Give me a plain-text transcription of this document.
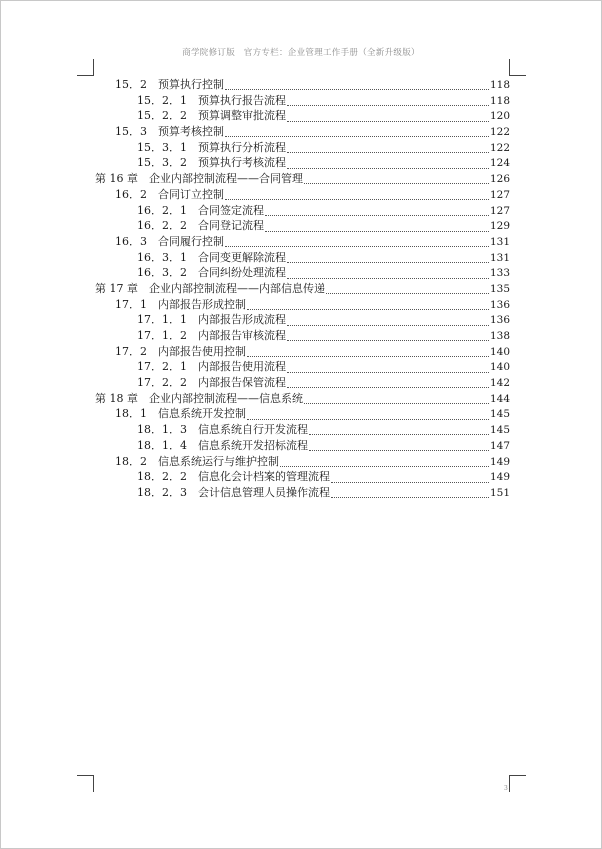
商学院修订版　官方专栏：企业管理工作手册（全新升级版）
15．2　预算执行控制	118
15．2．1　预算执行报告流程	118
15．2．2　预算调整审批流程	120
15．3　预算考核控制	122
15．3．1　预算执行分析流程	122
15．3．2　预算执行考核流程	124
第 16 章　企业内部控制流程——合同管理	126
16．2　合同订立控制	127
16．2．1　合同签定流程	127
16．2．2　合同登记流程	129
16．3　合同履行控制	131
16．3．1　合同变更解除流程	131
16．3．2　合同纠纷处理流程	133
第 17 章　企业内部控制流程——内部信息传递	135
17．1　内部报告形成控制	136
17．1．1　内部报告形成流程	136
17．1．2　内部报告审核流程	138
17．2　内部报告使用控制	140
17．2．1　内部报告使用流程	140
17．2．2　内部报告保管流程	142
第 18 章　企业内部控制流程——信息系统	144
18．1　信息系统开发控制	145
18．1．3　信息系统自行开发流程	145
18．1．4　信息系统开发招标流程	147
18．2　信息系统运行与维护控制	149
18．2．2　信息化会计档案的管理流程	149
18．2．3　会计信息管理人员操作流程	151
3
